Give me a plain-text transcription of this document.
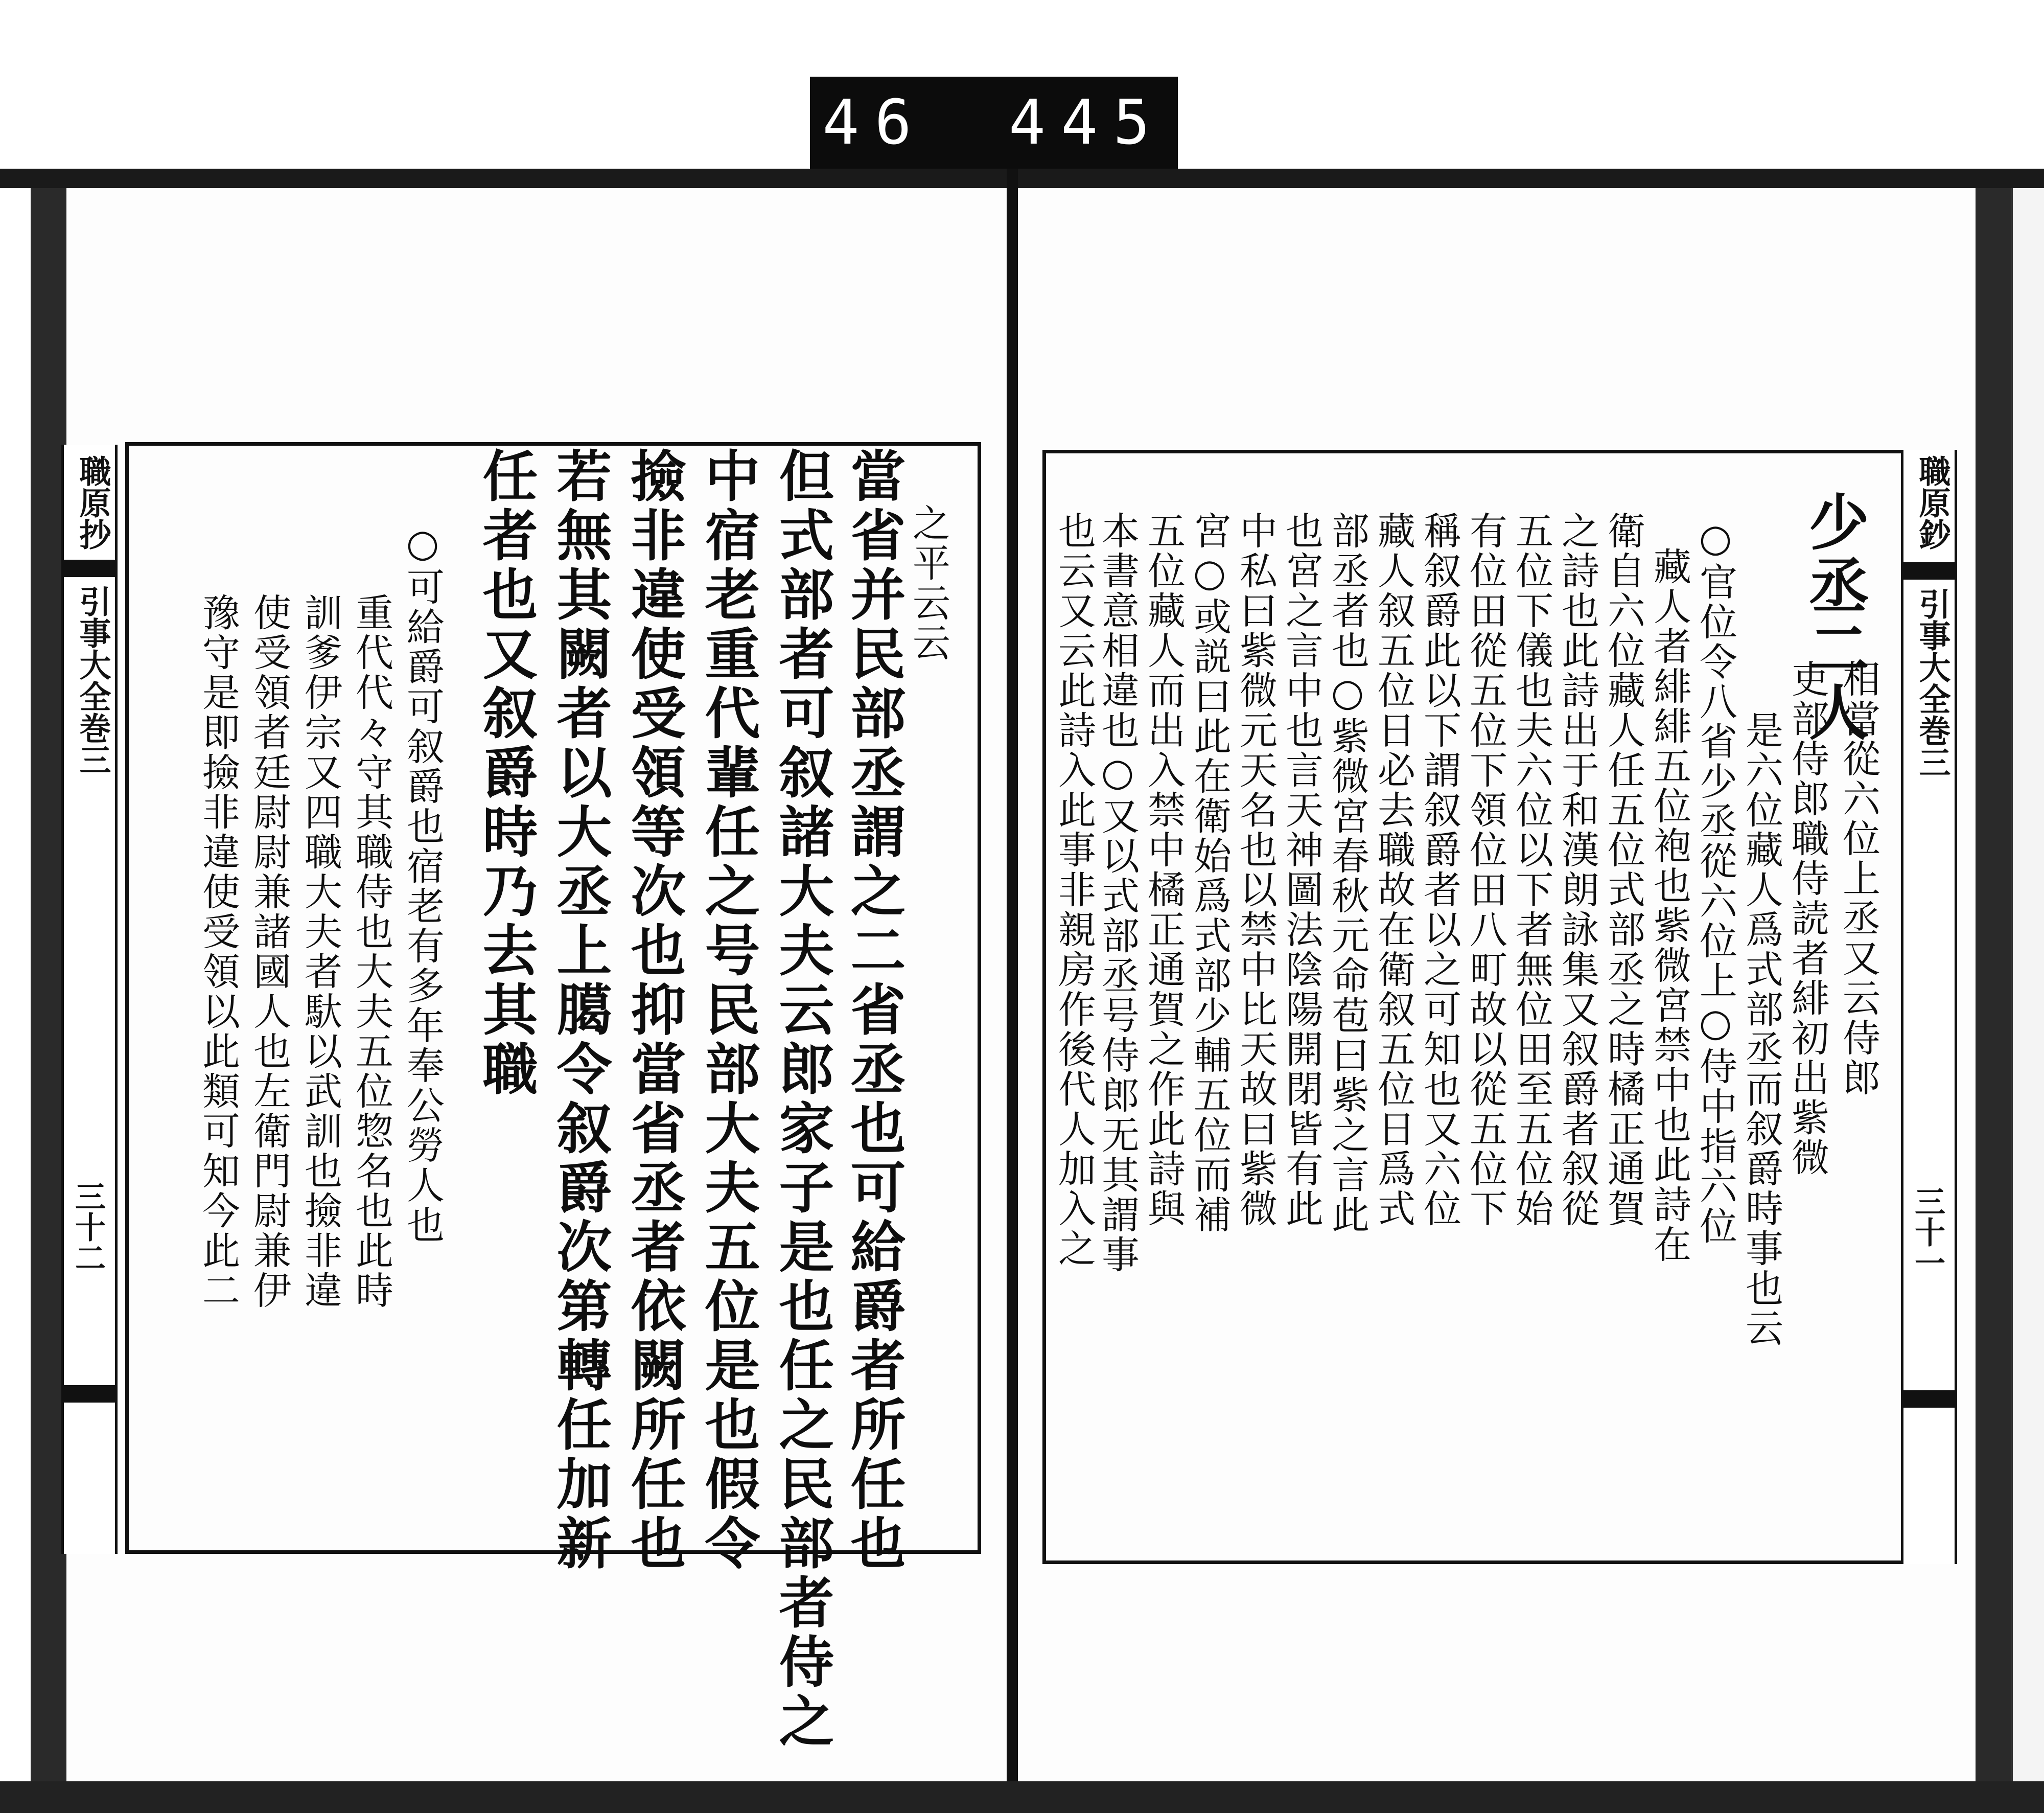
646 445.
職原抄
引事大全巻三
三十二
之平云云
當省并民部丞謂之二省丞也可給爵者所任也
但式部者可叙諸大夫云郎家子是也任之民部者侍之
中宿老重代輩任之号民部大夫五位是也假令
撿非違使受領等次也抑當省丞者依闕所任也
若無其闕者以大丞上臈令叙爵次第轉任加新
任者也又叙爵時乃去其職
○可給爵可叙爵也宿老有多年奉公勞人也
重代代々守其職侍也大夫五位惣名也此時
訓爹伊宗又四職大夫者馱以武訓也撿非違
使受領者廷尉尉兼諸國人也左衛門尉兼伊
豫守是即撿非違使受領以此類可知今此二
職原鈔
引事大全巻三
三十一
少丞二人
相當從六位上丞又云侍郎
吏部侍郎職侍読者緋初出紫微
是六位藏人爲式部丞而叙爵時事也云
○官位令八省少丞從六位上○侍中指六位
藏人者緋緋五位袍也紫微宮禁中也此詩在
衛自六位藏人任五位式部丞之時橘正通賀
之詩也此詩出于和漢朗詠集又叙爵者叙從
五位下儀也夫六位以下者無位田至五位始
有位田從五位下領位田八町故以從五位下
稱叙爵此以下謂叙爵者以之可知也又六位
藏人叙五位日必去職故在衛叙五位日爲式
部丞者也○紫微宮春秋元命苞曰紫之言此
也宮之言中也言天神圖法陰陽開閉皆有此
中私曰紫微元天名也以禁中比天故曰紫微
宮○或説曰此在衛始爲式部少輔五位而補
五位藏人而出入禁中橘正通賀之作此詩與
本書意相違也○又以式部丞号侍郎无其謂事
也云又云此詩入此事非親房作後代人加入之
